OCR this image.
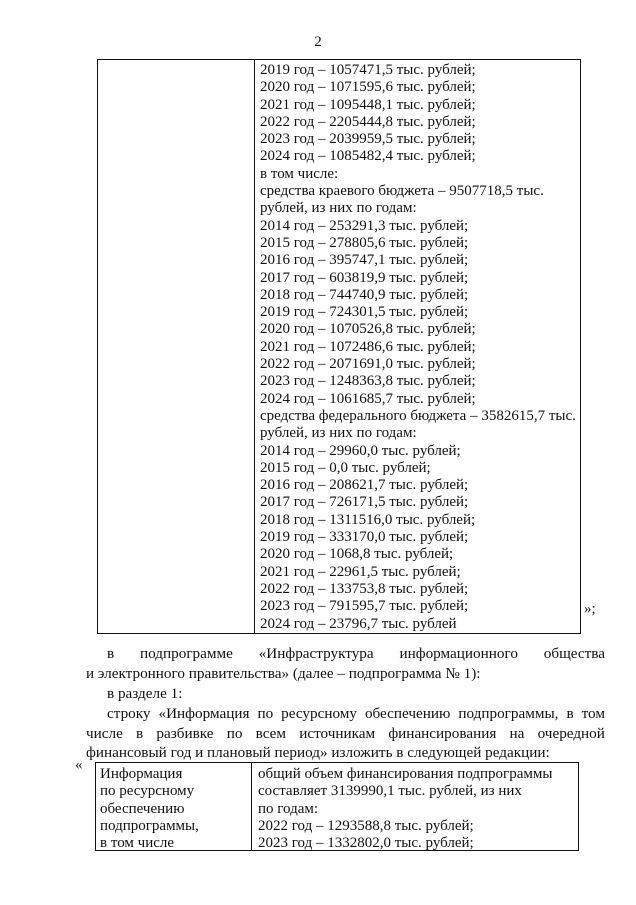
2
2019 год – 1057471,5 тыс. рублей;
2020 год – 1071595,6 тыс. рублей;
2021 год – 1095448,1 тыс. рублей;
2022 год – 2205444,8 тыс. рублей;
2023 год – 2039959,5 тыс. рублей;
2024 год – 1085482,4 тыс. рублей;
в том числе:
средства краевого бюджета – 9507718,5 тыс.
рублей, из них по годам:
2014 год – 253291,3 тыс. рублей;
2015 год – 278805,6 тыс. рублей;
2016 год – 395747,1 тыс. рублей;
2017 год – 603819,9 тыс. рублей;
2018 год – 744740,9 тыс. рублей;
2019 год – 724301,5 тыс. рублей;
2020 год – 1070526,8 тыс. рублей;
2021 год – 1072486,6 тыс. рублей;
2022 год – 2071691,0 тыс. рублей;
2023 год – 1248363,8 тыс. рублей;
2024 год – 1061685,7 тыс. рублей;
средства федерального бюджета – 3582615,7 тыс.
рублей, из них по годам:
2014 год – 29960,0 тыс. рублей;
2015 год – 0,0 тыс. рублей;
2016 год – 208621,7 тыс. рублей;
2017 год – 726171,5 тыс. рублей;
2018 год – 1311516,0 тыс. рублей;
2019 год – 333170,0 тыс. рублей;
2020 год – 1068,8 тыс. рублей;
2021 год – 22961,5 тыс. рублей;
2022 год – 133753,8 тыс. рублей;
2023 год – 791595,7 тыс. рублей;
2024 год – 23796,7 тыс. рублей
»;
в подпрограмме «Инфраструктура информационного общества
и электронного правительства» (далее – подпрограмма № 1):
в разделе 1:
строку «Информация по ресурсному обеспечению подпрограммы, в том
числе в разбивке по всем источникам финансирования на очередной
финансовый год и плановый период» изложить в следующей редакции:
«
Информация
по ресурсному
обеспечению
подпрограммы,
в том числе
общий объем финансирования подпрограммы
составляет 3139990,1 тыс. рублей, из них
по годам:
2022 год – 1293588,8 тыс. рублей;
2023 год – 1332802,0 тыс. рублей;
